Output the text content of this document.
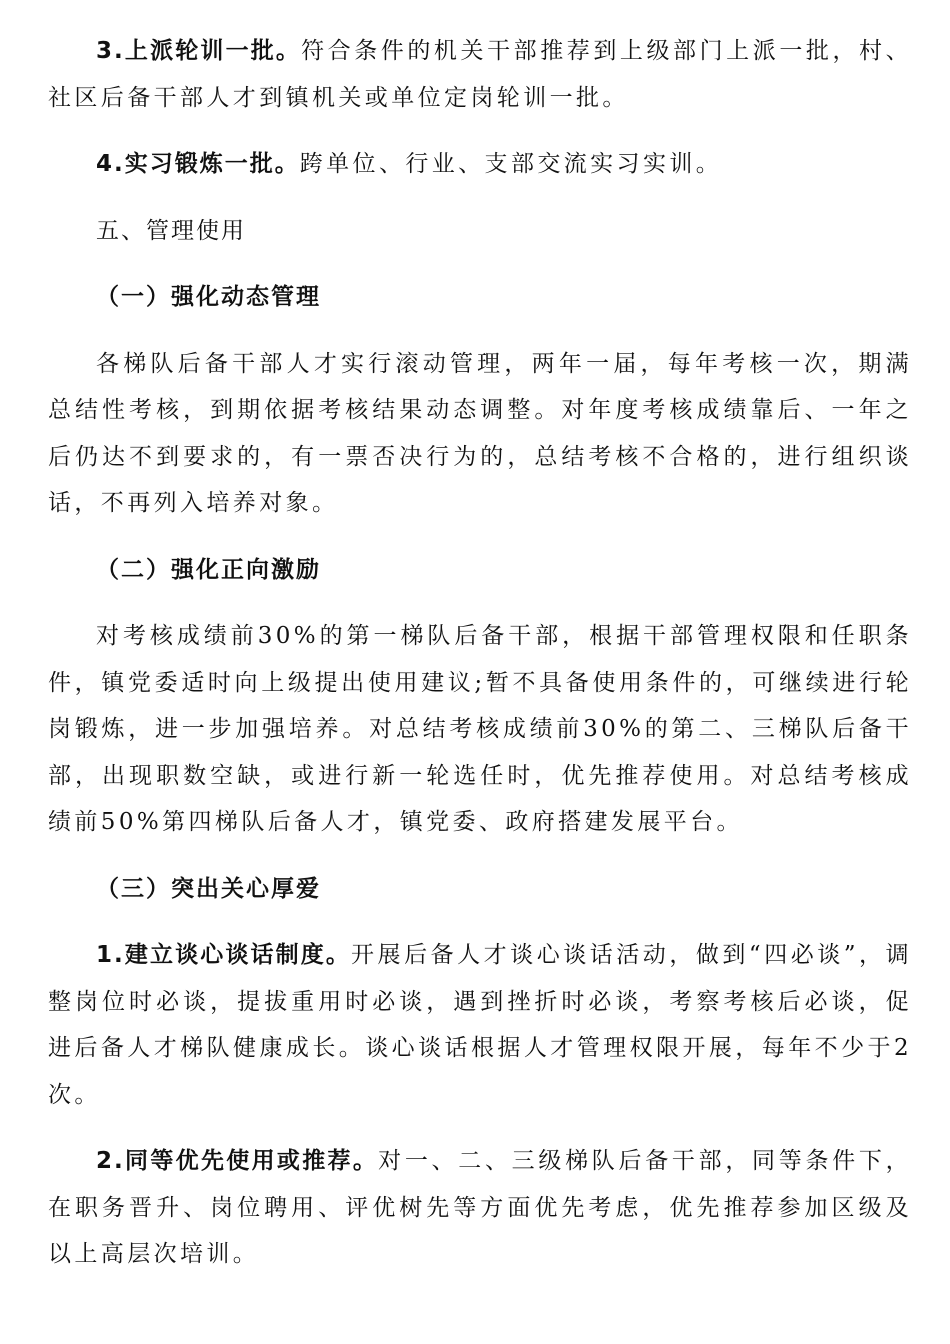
3.上派轮训一批。符合条件的机关干部推荐到上级部门上派一批，村、社区后备干部人才到镇机关或单位定岗轮训一批。

4.实习锻炼一批。跨单位、行业、支部交流实习实训。

五、管理使用

（一）强化动态管理

各梯队后备干部人才实行滚动管理，两年一届，每年考核一次，期满总结性考核，到期依据考核结果动态调整。对年度考核成绩靠后、一年之后仍达不到要求的，有一票否决行为的，总结考核不合格的，进行组织谈话，不再列入培养对象。

（二）强化正向激励

对考核成绩前30%的第一梯队后备干部，根据干部管理权限和任职条件，镇党委适时向上级提出使用建议;暂不具备使用条件的，可继续进行轮岗锻炼，进一步加强培养。对总结考核成绩前30%的第二、三梯队后备干部，出现职数空缺，或进行新一轮选任时，优先推荐使用。对总结考核成绩前50%第四梯队后备人才，镇党委、政府搭建发展平台。

（三）突出关心厚爱

1.建立谈心谈话制度。开展后备人才谈心谈话活动，做到“四必谈”，调整岗位时必谈，提拔重用时必谈，遇到挫折时必谈，考察考核后必谈，促进后备人才梯队健康成长。谈心谈话根据人才管理权限开展，每年不少于2次。

2.同等优先使用或推荐。对一、二、三级梯队后备干部，同等条件下，在职务晋升、岗位聘用、评优树先等方面优先考虑，优先推荐参加区级及以上高层次培训。
